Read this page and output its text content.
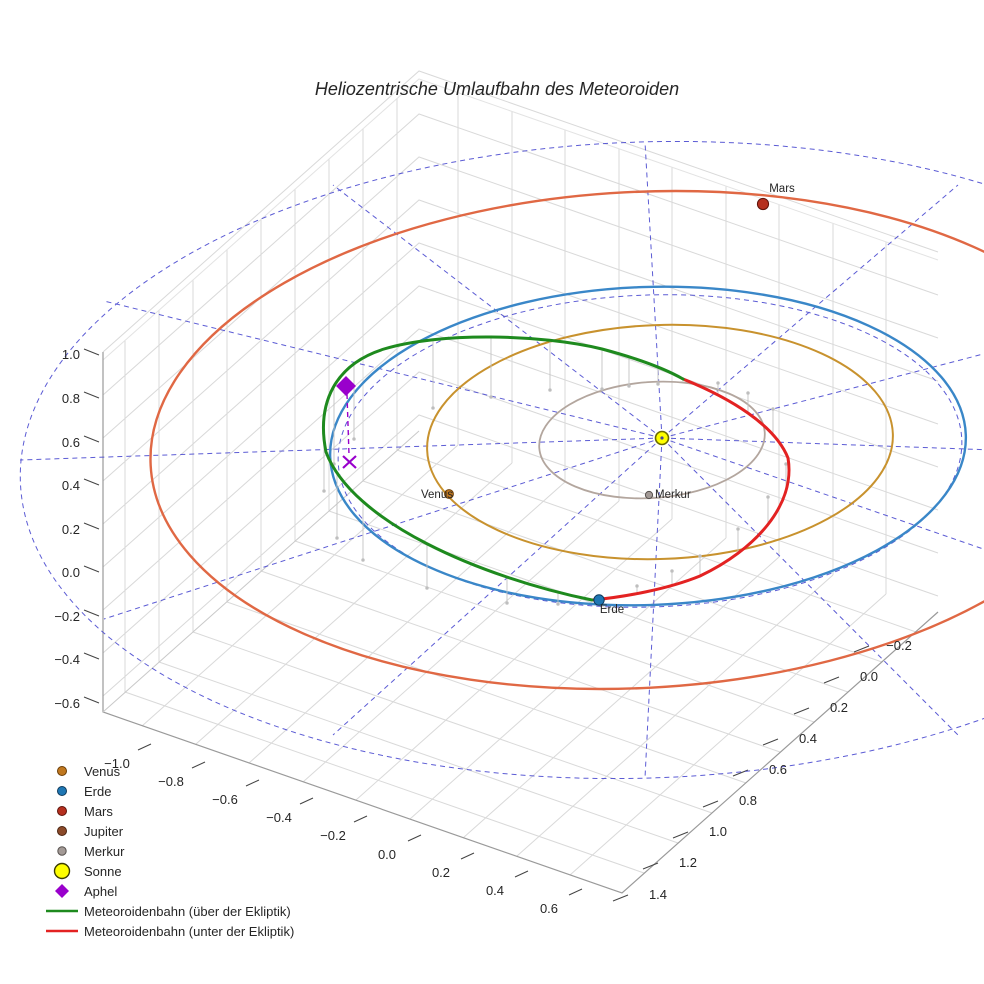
Venus	Merkur
Erde
Mars
1.0
0.8
0.6
0.4
0.2
0.0
−0.2
−0.4
−0.6
−1.0
−0.8
−0.6
−0.4
−0.2
0.0
0.2
0.4
0.6
−0.2
0.0
0.2
0.4
0.6
0.8
1.0
1.2
1.4
Heliozentrische Umlaufbahn des Meteoroiden
Venus
Erde
Mars
Jupiter
Merkur
Sonne
Aphel
Meteoroidenbahn (über der Ekliptik)
Meteoroidenbahn (unter der Ekliptik)
